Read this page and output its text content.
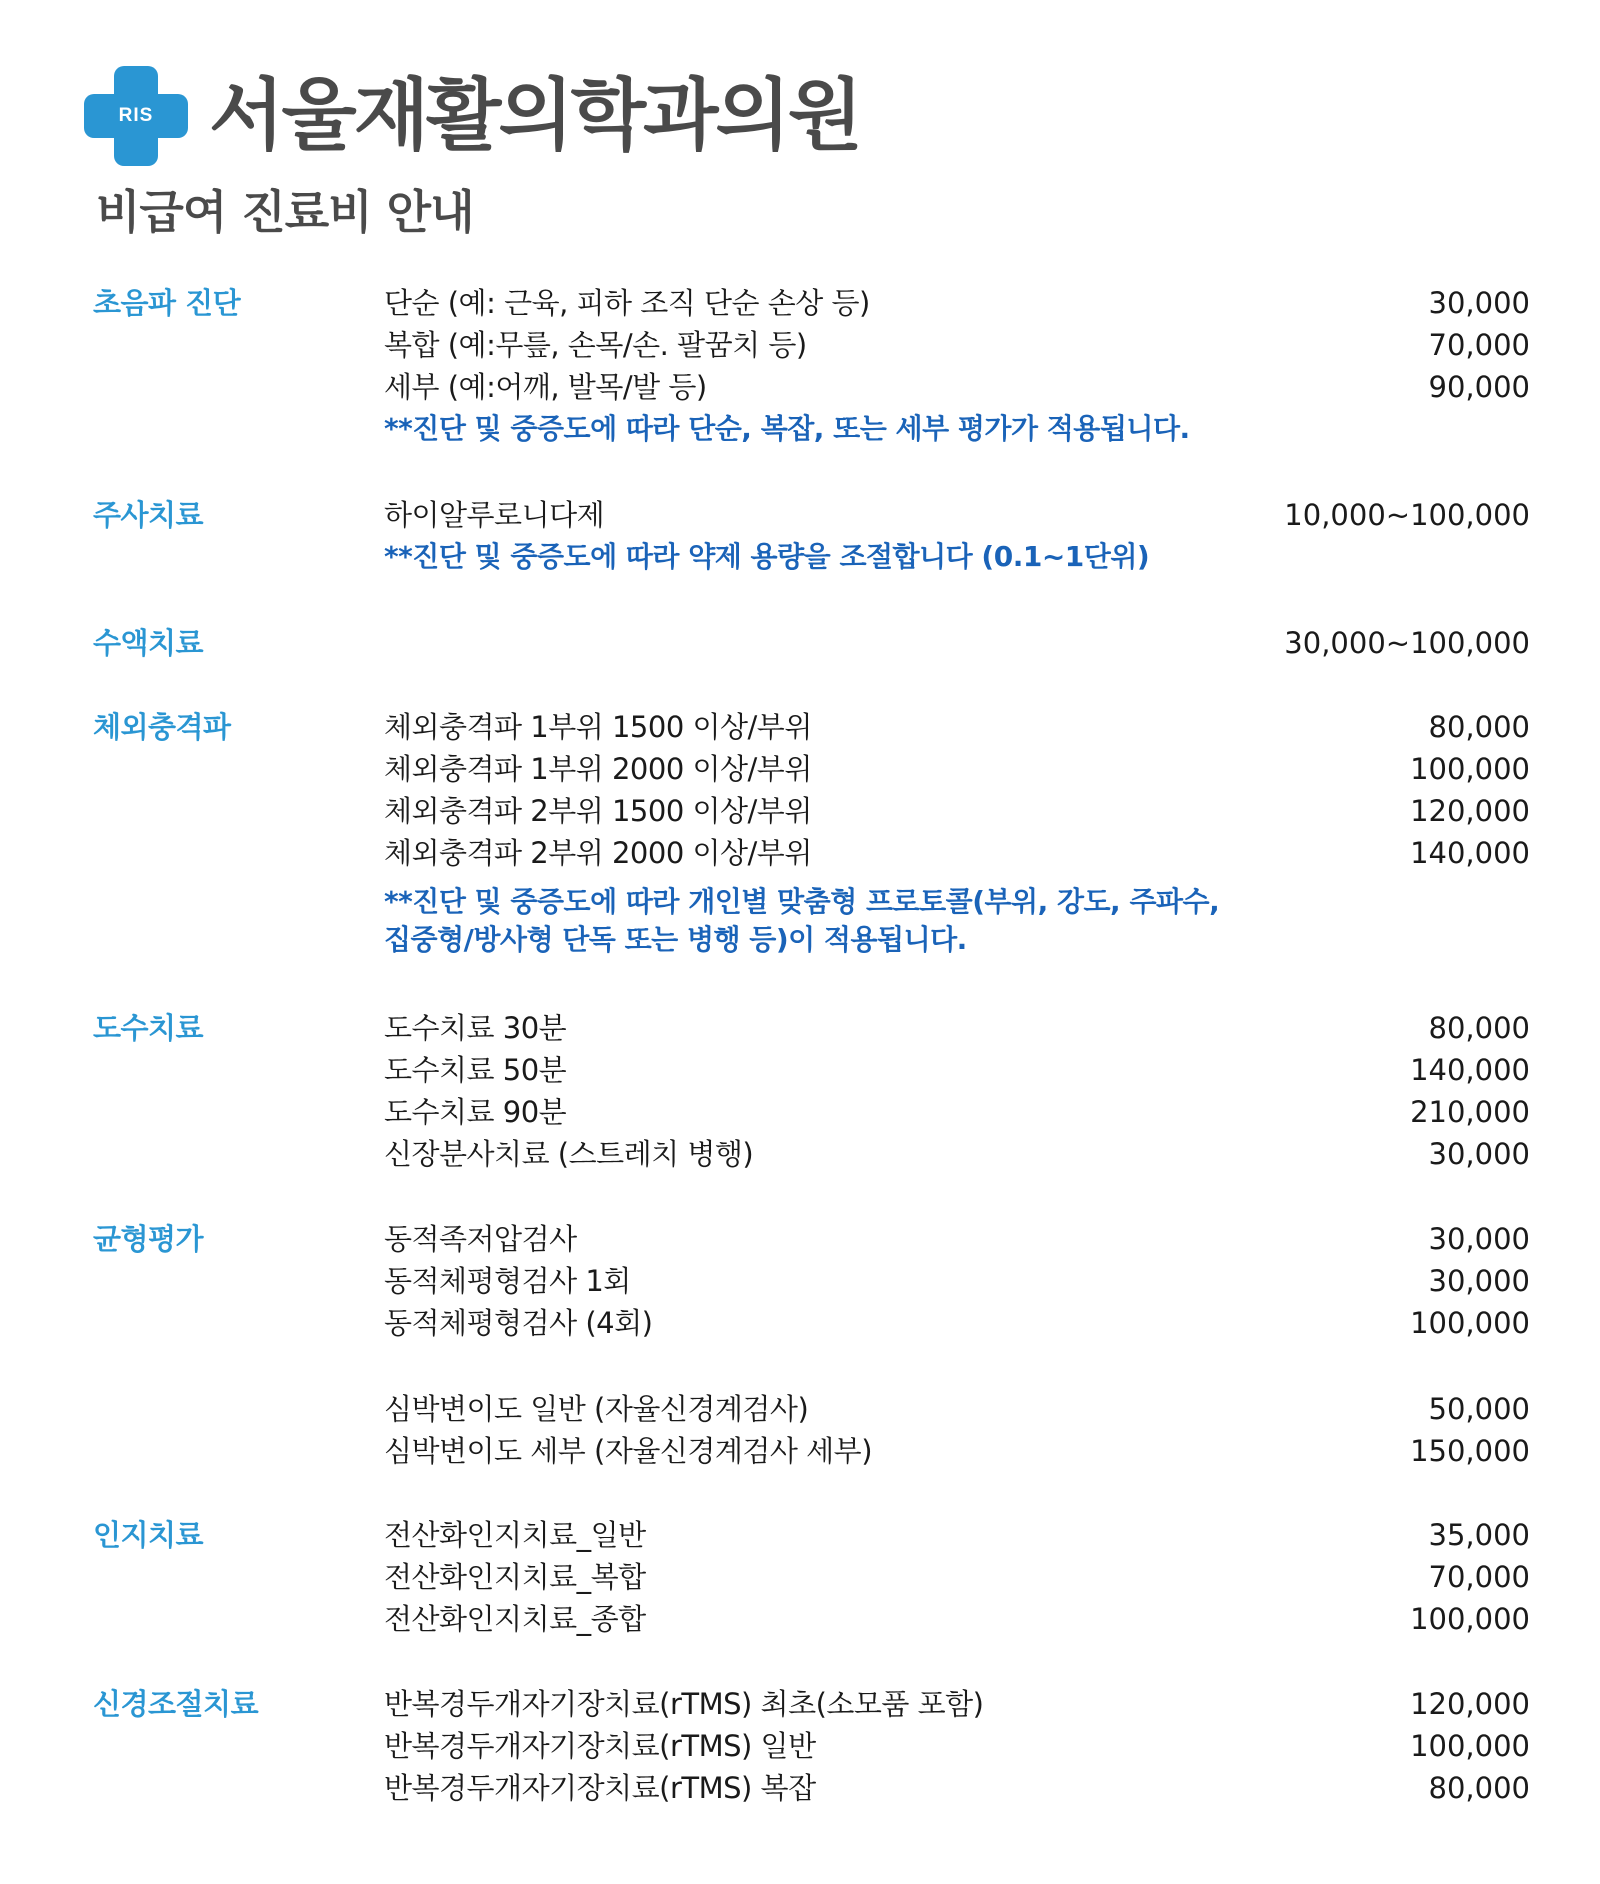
RIS 서울재활의학과의원
비급여 진료비 안내
초음파 진단	단순 (예: 근육, 피하 조직 단순 손상 등)	30,000
복합 (예:무릎, 손목/손. 팔꿈치 등)	70,000
세부 (예:어깨, 발목/발 등)	90,000
**진단 및 중증도에 따라 단순, 복잡, 또는 세부 평가가 적용됩니다.
주사치료	하이알루로니다제	10,000~100,000
**진단 및 중증도에 따라 약제 용량을 조절합니다 (0.1~1단위)
수액치료	30,000~100,000
체외충격파	체외충격파 1부위 1500 이상/부위	80,000
체외충격파 1부위 2000 이상/부위	100,000
체외충격파 2부위 1500 이상/부위	120,000
체외충격파 2부위 2000 이상/부위	140,000
**진단 및 중증도에 따라 개인별 맞춤형 프로토콜(부위, 강도, 주파수,
집중형/방사형 단독 또는 병행 등)이 적용됩니다.
도수치료	도수치료 30분	80,000
도수치료 50분	140,000
도수치료 90분	210,000
신장분사치료 (스트레치 병행)	30,000
균형평가	동적족저압검사	30,000
동적체평형검사 1회	30,000
동적체평형검사 (4회)	100,000
심박변이도 일반 (자율신경계검사)	50,000
심박변이도 세부 (자율신경계검사 세부)	150,000
인지치료	전산화인지치료_일반	35,000
전산화인지치료_복합	70,000
전산화인지치료_종합	100,000
신경조절치료	반복경두개자기장치료(rTMS) 최초(소모품 포함)	120,000
반복경두개자기장치료(rTMS) 일반	100,000
반복경두개자기장치료(rTMS) 복잡	80,000
